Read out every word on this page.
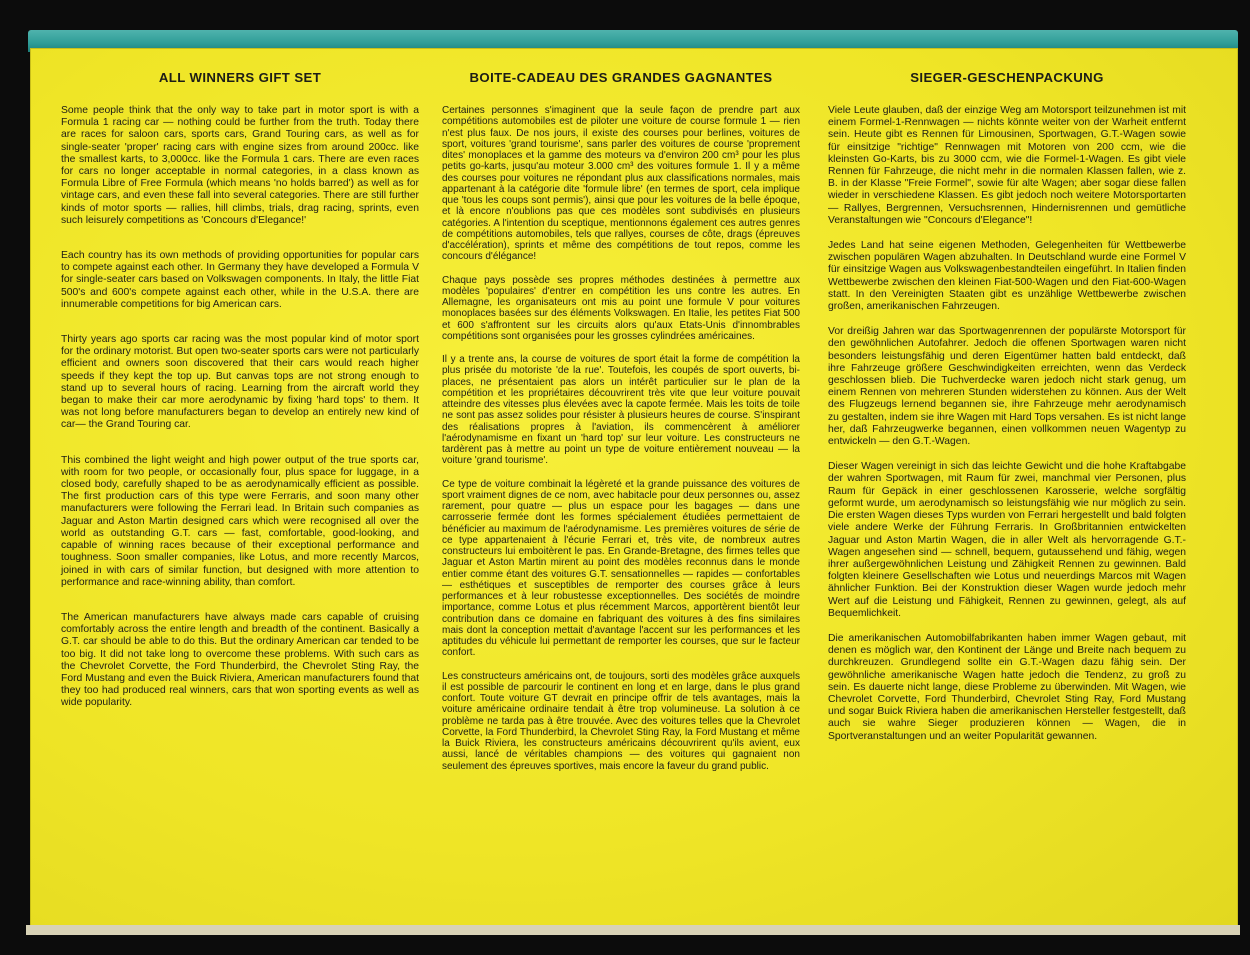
ALL WINNERS GIFT SET

Some people think that the only way to take part in motor sport is with a Formula 1 racing car — nothing could be further from the truth. Today there are races for saloon cars, sports cars, Grand Touring cars, as well as for single-seater 'proper' racing cars with engine sizes from around 200cc. like the smallest karts, to 3,000cc. like the Formula 1 cars. There are even races for cars no longer acceptable in normal categories, in a class known as Formula Libre of Free Formula (which means 'no holds barred') as well as for vintage cars, and even these fall into several categories. There are still further kinds of motor sports — rallies, hill climbs, trials, drag racing, sprints, even such leisurely competitions as 'Concours d'Elegance!'

Each country has its own methods of providing opportunities for popular cars to compete against each other. In Germany they have developed a Formula V for single-seater cars based on Volkswagen components. In Italy, the little Fiat 500's and 600's compete against each other, while in the U.S.A. there are innumerable competitions for big American cars.

Thirty years ago sports car racing was the most popular kind of motor sport for the ordinary motorist. But open two-seater sports cars were not particularly efficient and owners soon discovered that their cars would reach higher speeds if they kept the top up. But canvas tops are not strong enough to stand up to several hours of racing. Learning from the aircraft world they began to make their car more aerodynamic by fixing 'hard tops' to them. It was not long before manufacturers began to develop an entirely new kind of car— the Grand Touring car.

This combined the light weight and high power output of the true sports car, with room for two people, or occasionally four, plus space for luggage, in a closed body, carefully shaped to be as aerodynamically efficient as possible. The first production cars of this type were Ferraris, and soon many other manufacturers were following the Ferrari lead. In Britain such companies as Jaguar and Aston Martin designed cars which were recognised all over the world as outstanding G.T. cars — fast, comfortable, good-looking, and capable of winning races because of their exceptional performance and toughness. Soon smaller companies, like Lotus, and more recently Marcos, joined in with cars of similar function, but designed with more attention to performance and race-winning ability, than comfort.

The American manufacturers have always made cars capable of cruising comfortably across the entire length and breadth of the continent. Basically a G.T. car should be able to do this. But the ordinary American car tended to be too big. It did not take long to overcome these problems. With such cars as the Chevrolet Corvette, the Ford Thunderbird, the Chevrolet Sting Ray, the Ford Mustang and even the Buick Riviera, American manufacturers found that they too had produced real winners, cars that won sporting events as well as wide popularity.

BOITE-CADEAU DES GRANDES GAGNANTES

Certaines personnes s'imaginent que la seule façon de prendre part aux compétitions automobiles est de piloter une voiture de course formule 1 — rien n'est plus faux. De nos jours, il existe des courses pour berlines, voitures de sport, voitures 'grand tourisme', sans parler des voitures de course 'proprement dites' monoplaces et la gamme des moteurs va d'environ 200 cm³ pour les plus petits go-karts, jusqu'au moteur 3.000 cm³ des voitures formule 1. Il y a même des courses pour voitures ne répondant plus aux classifications normales, mais appartenant à la catégorie dite 'formule libre' (en termes de sport, cela implique que 'tous les coups sont permis'), ainsi que pour les voitures de la belle époque, et là encore n'oublions pas que ces modèles sont subdivisés en plusieurs catégories. A l'intention du sceptique, mentionnons également ces autres genres de compétitions automobiles, tels que rallyes, courses de côte, drags (épreuves d'accélération), sprints et même des compétitions de tout repos, comme les concours d'élégance!

Chaque pays possède ses propres méthodes destinées à permettre aux modèles 'populaires' d'entrer en compétition les uns contre les autres. En Allemagne, les organisateurs ont mis au point une formule V pour voitures monoplaces basées sur des éléments Volkswagen. En Italie, les petites Fiat 500 et 600 s'affrontent sur les circuits alors qu'aux Etats-Unis d'innombrables compétitions sont organisées pour les grosses cylindrées américaines.

Il y a trente ans, la course de voitures de sport était la forme de compétition la plus prisée du motoriste 'de la rue'. Toutefois, les coupés de sport ouverts, bi-places, ne présentaient pas alors un intérêt particulier sur le plan de la compétition et les propriétaires découvrirent très vite que leur voiture pouvait atteindre des vitesses plus élevées avec la capote fermée. Mais les toits de toile ne sont pas assez solides pour résister à plusieurs heures de course. S'inspirant des réalisations propres à l'aviation, ils commencèrent à améliorer l'aérodynamisme en fixant un 'hard top' sur leur voiture. Les constructeurs ne tardèrent pas à mettre au point un type de voiture entièrement nouveau — la voiture 'grand tourisme'.

Ce type de voiture combinait la légèreté et la grande puissance des voitures de sport vraiment dignes de ce nom, avec habitacle pour deux personnes ou, assez rarement, pour quatre — plus un espace pour les bagages — dans une carrosserie fermée dont les formes spécialement étudiées permettaient de bénéficier au maximum de l'aérodynamisme. Les premières voitures de série de ce type appartenaient à l'écurie Ferrari et, très vite, de nombreux autres constructeurs lui emboitèrent le pas. En Grande-Bretagne, des firmes telles que Jaguar et Aston Martin mirent au point des modèles reconnus dans le monde entier comme étant des voitures G.T. sensationnelles — rapides — confortables — esthétiques et susceptibles de remporter des courses grâce à leurs performances et à leur robustesse exceptionnelles. Des sociétés de moindre importance, comme Lotus et plus récemment Marcos, apportèrent bientôt leur contribution dans ce domaine en fabriquant des voitures à des fins similaires mais dont la conception mettait d'avantage l'accent sur les performances et les aptitudes du véhicule lui permettant de remporter les courses, que sur le facteur confort.

Les constructeurs américains ont, de toujours, sorti des modèles grâce auxquels il est possible de parcourir le continent en long et en large, dans le plus grand confort. Toute voiture GT devrait en principe offrir de tels avantages, mais la voiture américaine ordinaire tendait à être trop volumineuse. La solution à ce problème ne tarda pas à être trouvée. Avec des voitures telles que la Chevrolet Corvette, la Ford Thunderbird, la Chevrolet Sting Ray, la Ford Mustang et même la Buick Riviera, les constructeurs américains découvrirent qu'ils avient, eux aussi, lancé de véritables champions — des voitures qui gagnaient non seulement des épreuves sportives, mais encore la faveur du grand public.

SIEGER-GESCHENPACKUNG

Viele Leute glauben, daß der einzige Weg am Motorsport teilzunehmen ist mit einem Formel-1-Rennwagen — nichts könnte weiter von der Warheit entfernt sein. Heute gibt es Rennen für Limousinen, Sportwagen, G.T.-Wagen sowie für einsitzige "richtige" Rennwagen mit Motoren von 200 ccm, wie die kleinsten Go-Karts, bis zu 3000 ccm, wie die Formel-1-Wagen. Es gibt viele Rennen für Fahrzeuge, die nicht mehr in die normalen Klassen fallen, wie z. B. in der Klasse "Freie Formel", sowie für alte Wagen; aber sogar diese fallen wieder in verschiedene Klassen. Es gibt jedoch noch weitere Motorsportarten — Rallyes, Bergrennen, Versuchsrennen, Hindernisrennen und gemütliche Veranstaltungen wie "Concours d'Elegance"!

Jedes Land hat seine eigenen Methoden, Gelegenheiten für Wettbewerbe zwischen populären Wagen abzuhalten. In Deutschland wurde eine Formel V für einsitzige Wagen aus Volkswagenbestandteilen eingeführt. In Italien finden Wettbewerbe zwischen den kleinen Fiat-500-Wagen und den Fiat-600-Wagen statt. In den Vereinigten Staaten gibt es unzählige Wettbewerbe zwischen großen, amerikanischen Fahrzeugen.

Vor dreißig Jahren war das Sportwagenrennen der populärste Motorsport für den gewöhnlichen Autofahrer. Jedoch die offenen Sportwagen waren nicht besonders leistungsfähig und deren Eigentümer hatten bald entdeckt, daß ihre Fahrzeuge größere Geschwindigkeiten erreichten, wenn das Verdeck geschlossen blieb. Die Tuchverdecke waren jedoch nicht stark genug, um einem Rennen von mehreren Stunden widerstehen zu können. Aus der Welt des Flugzeugs lernend begannen sie, ihre Fahrzeuge mehr aerodynamisch zu gestalten, indem sie ihre Wagen mit Hard Tops versahen. Es ist nicht lange her, daß Fahrzeugwerke begannen, einen vollkommen neuen Wagentyp zu entwickeln — den G.T.-Wagen.

Dieser Wagen vereinigt in sich das leichte Gewicht und die hohe Kraftabgabe der wahren Sportwagen, mit Raum für zwei, manchmal vier Personen, plus Raum für Gepäck in einer geschlossenen Karosserie, welche sorgfältig geformt wurde, um aerodynamisch so leistungsfähig wie nur möglich zu sein. Die ersten Wagen dieses Typs wurden von Ferrari hergestellt und bald folgten viele andere Werke der Führung Ferraris. In Großbritannien entwickelten Jaguar und Aston Martin Wagen, die in aller Welt als hervorragende G.T.-Wagen angesehen sind — schnell, bequem, gutaussehend und fähig, wegen ihrer außergewöhnlichen Leistung und Zähigkeit Rennen zu gewinnen. Bald folgten kleinere Gesellschaften wie Lotus und neuerdings Marcos mit Wagen ähnlicher Funktion. Bei der Konstruktion dieser Wagen wurde jedoch mehr Wert auf die Leistung und Fähigkeit, Rennen zu gewinnen, gelegt, als auf Bequemlichkeit.

Die amerikanischen Automobilfabrikanten haben immer Wagen gebaut, mit denen es möglich war, den Kontinent der Länge und Breite nach bequem zu durchkreuzen. Grundlegend sollte ein G.T.-Wagen dazu fähig sein. Der gewöhnliche amerikanische Wagen hatte jedoch die Tendenz, zu groß zu sein. Es dauerte nicht lange, diese Probleme zu überwinden. Mit Wagen, wie Chevrolet Corvette, Ford Thunderbird, Chevrolet Sting Ray, Ford Mustang und sogar Buick Riviera haben die amerikanischen Hersteller festgestellt, daß auch sie wahre Sieger produzieren können — Wagen, die in Sportveranstaltungen und an weiter Popularität gewannen.
